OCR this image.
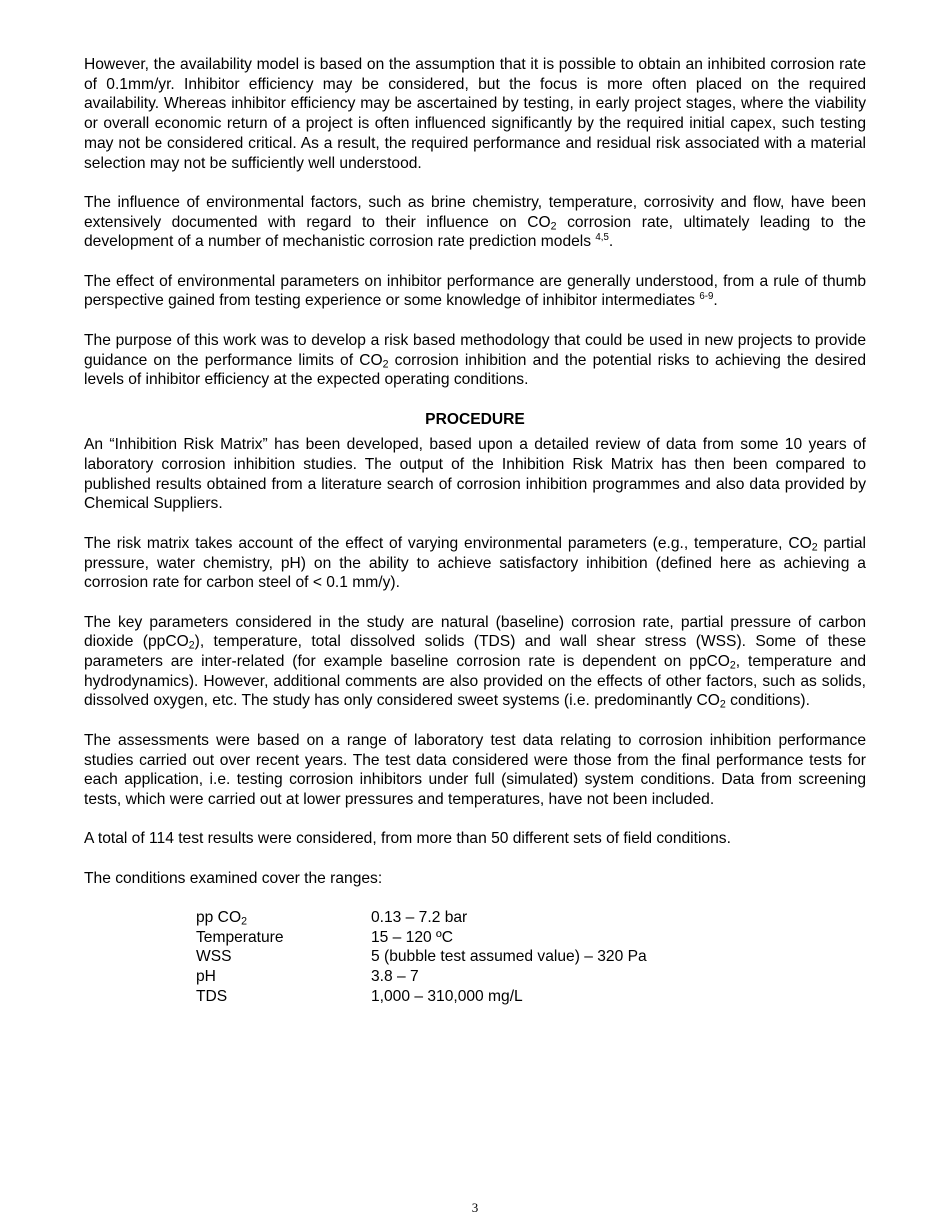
However, the availability model is based on the assumption that it is possible to obtain an inhibited corrosion rate of 0.1mm/yr. Inhibitor efficiency may be considered, but the focus is more often placed on the required availability. Whereas inhibitor efficiency may be ascertained by testing, in early project stages, where the viability or overall economic return of a project is often influenced significantly by the required initial capex, such testing may not be considered critical. As a result, the required performance and residual risk associated with a material selection may not be sufficiently well understood.

The influence of environmental factors, such as brine chemistry, temperature, corrosivity and flow, have been extensively documented with regard to their influence on $CO_2$ corrosion rate, ultimately leading to the development of a number of mechanistic corrosion rate prediction models $^{4,5}$.

The effect of environmental parameters on inhibitor performance are generally understood, from a rule of thumb perspective gained from testing experience or some knowledge of inhibitor intermediates $^{6-9}$.

The purpose of this work was to develop a risk based methodology that could be used in new projects to provide guidance on the performance limits of $CO_2$ corrosion inhibition and the potential risks to achieving the desired levels of inhibitor efficiency at the expected operating conditions.

PROCEDURE

An “Inhibition Risk Matrix” has been developed, based upon a detailed review of data from some 10 years of laboratory corrosion inhibition studies. The output of the Inhibition Risk Matrix has then been compared to published results obtained from a literature search of corrosion inhibition programmes and also data provided by Chemical Suppliers.

The risk matrix takes account of the effect of varying environmental parameters (e.g., temperature, $CO_2$ partial pressure, water chemistry, pH) on the ability to achieve satisfactory inhibition (defined here as achieving a corrosion rate for carbon steel of < 0.1 mm/y).

The key parameters considered in the study are natural (baseline) corrosion rate, partial pressure of carbon dioxide (ppCO$_2$), temperature, total dissolved solids (TDS) and wall shear stress (WSS). Some of these parameters are inter-related (for example baseline corrosion rate is dependent on ppCO$_2$, temperature and hydrodynamics). However, additional comments are also provided on the effects of other factors, such as solids, dissolved oxygen, etc. The study has only considered sweet systems (i.e. predominantly $CO_2$ conditions).

The assessments were based on a range of laboratory test data relating to corrosion inhibition performance studies carried out over recent years. The test data considered were those from the final performance tests for each application, i.e. testing corrosion inhibitors under full (simulated) system conditions. Data from screening tests, which were carried out at lower pressures and temperatures, have not been included.

A total of 114 test results were considered, from more than 50 different sets of field conditions.

The conditions examined cover the ranges:

pp $CO_2$	0.13 – 7.2 bar
Temperature	15 – 120 ºC
WSS	5 (bubble test assumed value) – 320 Pa
pH	3.8 – 7
TDS	1,000 – 310,000 mg/L
3
